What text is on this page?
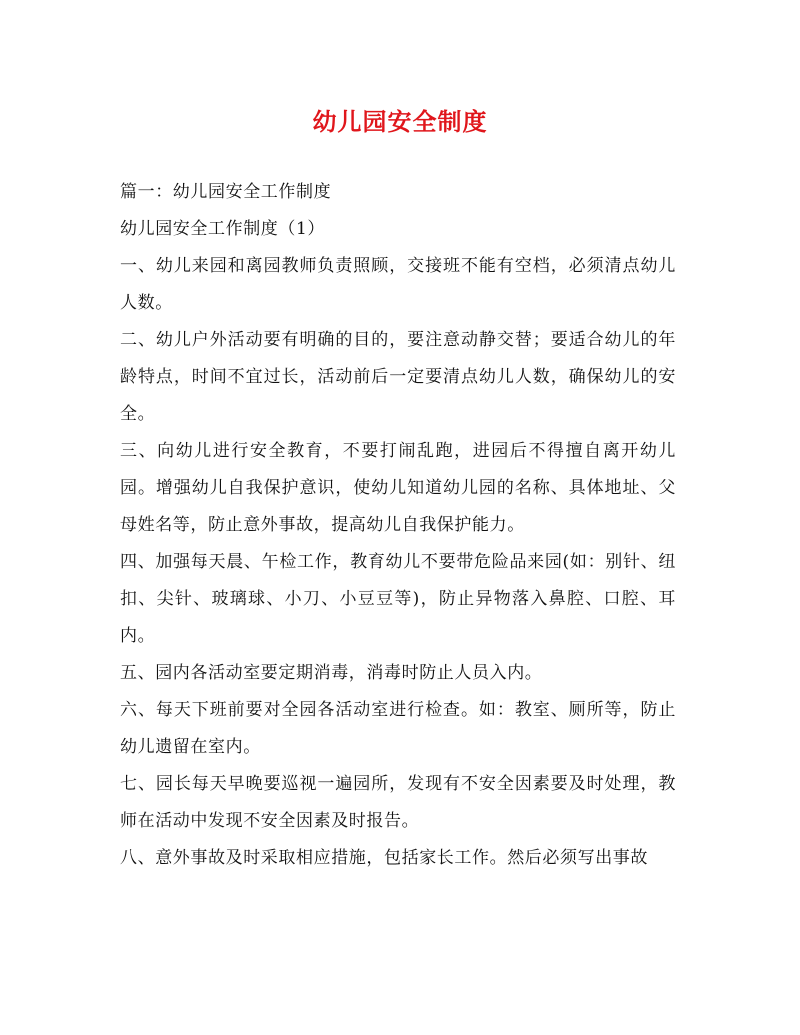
幼儿园安全制度

篇一：幼儿园安全工作制度

幼儿园安全工作制度（1）

一、幼儿来园和离园教师负责照顾，交接班不能有空档，必须清点幼儿人数。

二、幼儿户外活动要有明确的目的，要注意动静交替；要适合幼儿的年龄特点，时间不宜过长，活动前后一定要清点幼儿人数，确保幼儿的安全。

三、向幼儿进行安全教育，不要打闹乱跑，进园后不得擅自离开幼儿园。增强幼儿自我保护意识，使幼儿知道幼儿园的名称、具体地址、父母姓名等，防止意外事故，提高幼儿自我保护能力。

四、加强每天晨、午检工作，教育幼儿不要带危险品来园(如：别针、纽扣、尖针、玻璃球、小刀、小豆豆等)，防止异物落入鼻腔、口腔、耳内。

五、园内各活动室要定期消毒，消毒时防止人员入内。

六、每天下班前要对全园各活动室进行检查。如：教室、厕所等，防止幼儿遗留在室内。

七、园长每天早晚要巡视一遍园所，发现有不安全因素要及时处理，教师在活动中发现不安全因素及时报告。

八、意外事故及时采取相应措施，包括家长工作。然后必须写出事故
